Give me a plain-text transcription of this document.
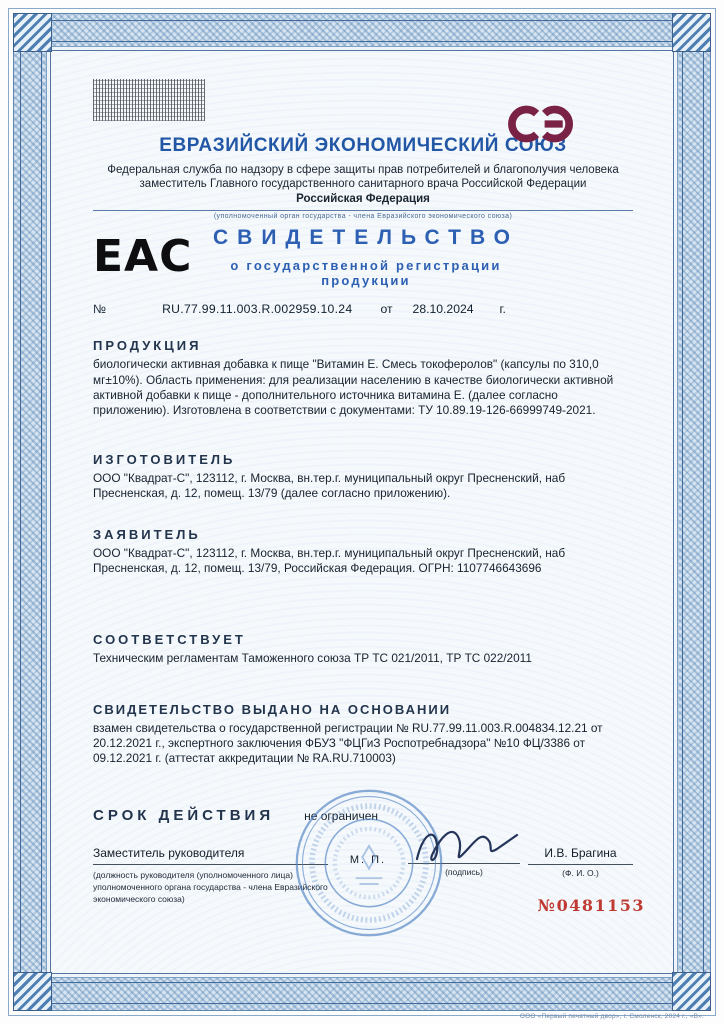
ЕВРАЗИЙСКИЙ ЭКОНОМИЧЕСКИЙ СОЮЗ
Федеральная служба по надзору в сфере защиты прав потребителей и благополучия человека
заместитель Главного государственного санитарного врача Российской Федерации
Российская Федерация
(уполномоченный орган государства - члена Евразийского экономического союза)
ЕАС СВИДЕТЕЛЬСТВО
о государственной регистрации продукции
№	RU.77.99.11.003.R.002959.10.24 от 28.10.2024 г.
ПРОДУКЦИЯ
биологически активная добавка к пище "Витамин Е. Смесь токоферолов" (капсулы по 310,0 мг±10%). Область применения: для реализации населению в качестве биологически активной активной добавки к пище - дополнительного источника витамина Е. (далее согласно приложению). Изготовлена в соответствии с документами: ТУ 10.89.19-126-66999749-2021.
ИЗГОТОВИТЕЛЬ
ООО "Квадрат-С", 123112, г. Москва, вн.тер.г. муниципальный округ Пресненский, наб Пресненская, д. 12, помещ. 13/79 (далее согласно приложению).
ЗАЯВИТЕЛЬ
ООО "Квадрат-С", 123112, г. Москва, вн.тер.г. муниципальный округ Пресненский, наб Пресненская, д. 12, помещ. 13/79, Российская Федерация. ОГРН: 1107746643696
СООТВЕТСТВУЕТ
Техническим регламентам Таможенного союза ТР ТС 021/2011, ТР ТС 022/2011
СВИДЕТЕЛЬСТВО ВЫДАНО НА ОСНОВАНИИ
взамен свидетельства о государственной регистрации № RU.77.99.11.003.R.004834.12.21 от 20.12.2021 г., экспертного заключения ФБУЗ "ФЦГиЗ Роспотребнадзора" №10 ФЦ/3386 от 09.12.2021 г. (аттестат аккредитации № RA.RU.710003)
СРОК ДЕЙСТВИЯ	не ограничен
Заместитель руководителя
(должность руководителя (уполномоченного лица) уполномоченного органа государства - члена Евразийского экономического союза)
М. П.
(подпись)
И.В. Брагина
(Ф. И. О.)
№0481153
ООО «Первый печатный двор», г. Смоленск, 2024 г., «В».
